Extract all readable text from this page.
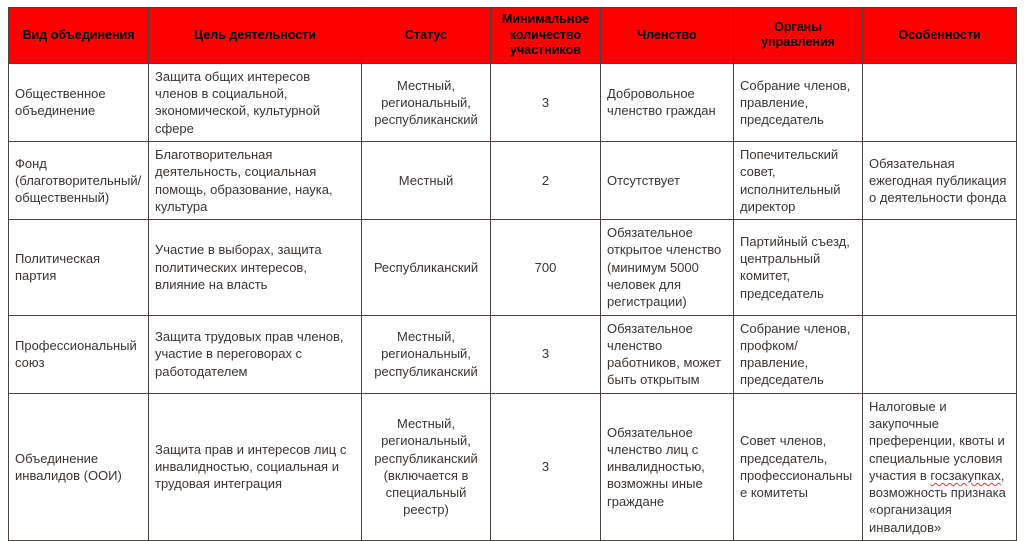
Вид объединения	Цель деятельности	Статус	Минимальное количество участников	Членство	Органы управления	Особенности
Общественное объединение	Защита общих интересов членов в социальной, экономической, культурной сфере	Местный, региональный, республиканский	3	Добровольное членство граждан	Собрание членов, правление, председатель	
Фонд (благотворительный/общественный)	Благотворительная деятельность, социальная помощь, образование, наука, культура	Местный	2	Отсутствует	Попечительский совет, исполнительный директор	Обязательная ежегодная публикация о деятельности фонда
Политическая партия	Участие в выборах, защита политических интересов, влияние на власть	Республиканский	700	Обязательное открытое членство (минимум 5000 человек для регистрации)	Партийный съезд, центральный комитет, председатель	
Профессиональный союз	Защита трудовых прав членов, участие в переговорах с работодателем	Местный, региональный, республиканский	3	Обязательное членство работников, может быть открытым	Собрание членов, профком/правление, председатель	
Объединение инвалидов (ООИ)	Защита прав и интересов лиц с инвалидностью, социальная и трудовая интеграция	Местный, региональный, республиканский (включается в специальный реестр)	3	Обязательное членство лиц с инвалидностью, возможны иные граждане	Совет членов, председатель, профессиональные комитеты	Налоговые и закупочные преференции, квоты и специальные условия участия в госзакупках, возможность признака «организация инвалидов»
